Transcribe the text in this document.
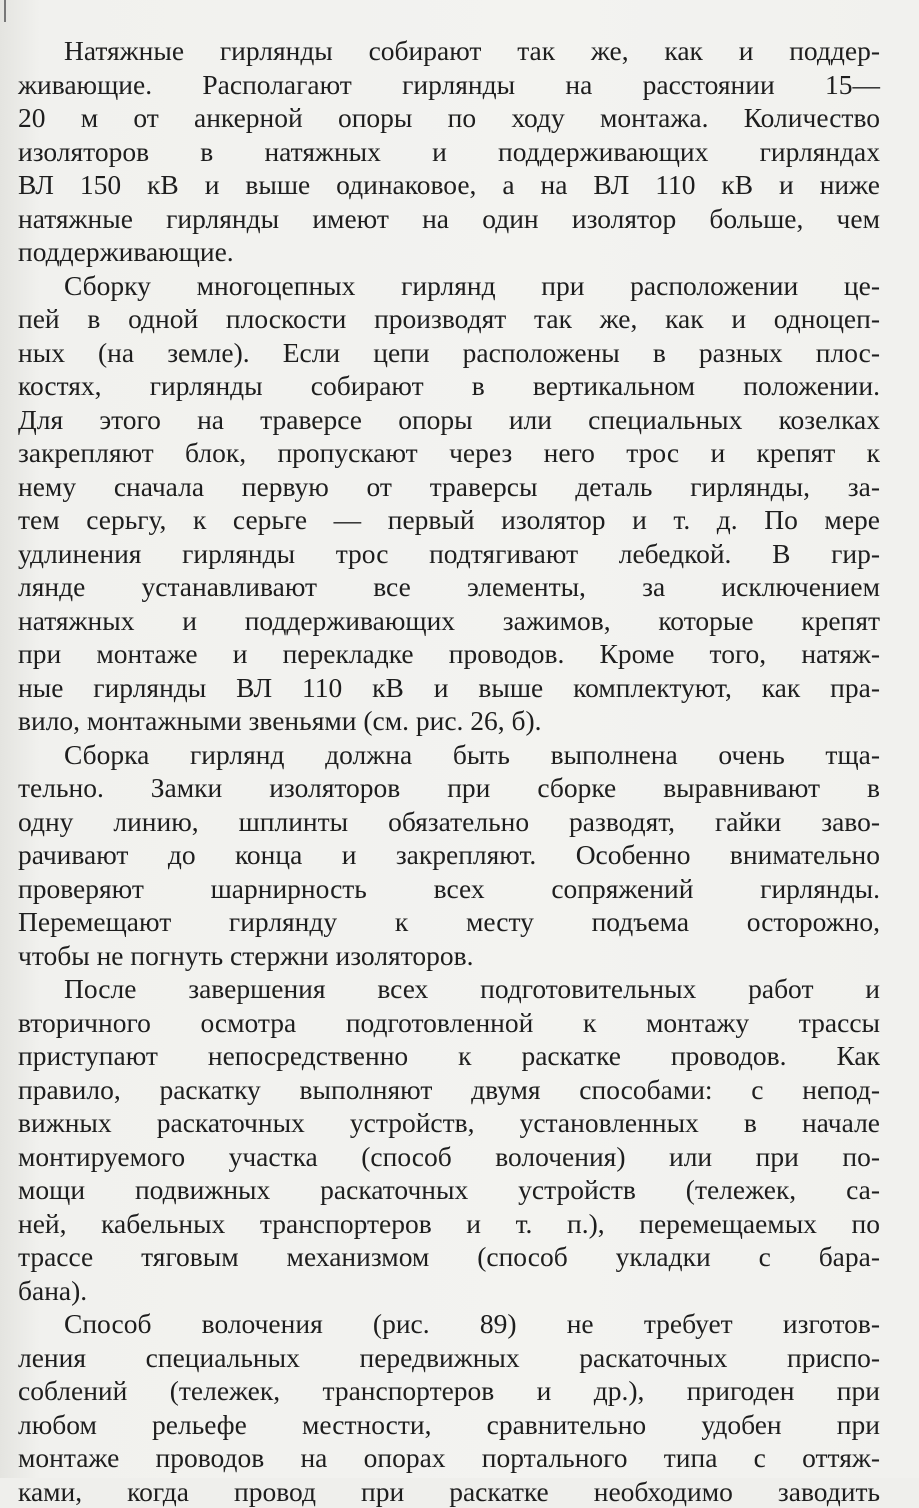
Натяжные гирлянды собирают так же, как и поддер-
живающие. Располагают гирлянды на расстоянии 15—
20 м от анкерной опоры по ходу монтажа. Количество
изоляторов в натяжных и поддерживающих гирляндах
ВЛ 150 кВ и выше одинаковое, а на ВЛ 110 кВ и ниже
натяжные гирлянды имеют на один изолятор больше, чем
поддерживающие.
Сборку многоцепных гирлянд при расположении це-
пей в одной плоскости производят так же, как и одноцеп-
ных (на земле). Если цепи расположены в разных плос-
костях, гирлянды собирают в вертикальном положении.
Для этого на траверсе опоры или специальных козелках
закрепляют блок, пропускают через него трос и крепят к
нему сначала первую от траверсы деталь гирлянды, за-
тем серьгу, к серьге — первый изолятор и т. д. По мере
удлинения гирлянды трос подтягивают лебедкой. В гир-
лянде устанавливают все элементы, за исключением
натяжных и поддерживающих зажимов, которые крепят
при монтаже и перекладке проводов. Кроме того, натяж-
ные гирлянды ВЛ 110 кВ и выше комплектуют, как пра-
вило, монтажными звеньями (см. рис. 26, б).
Сборка гирлянд должна быть выполнена очень тща-
тельно. Замки изоляторов при сборке выравнивают в
одну линию, шплинты обязательно разводят, гайки заво-
рачивают до конца и закрепляют. Особенно внимательно
проверяют шарнирность всех сопряжений гирлянды.
Перемещают гирлянду к месту подъема осторожно,
чтобы не погнуть стержни изоляторов.
После завершения всех подготовительных работ и
вторичного осмотра подготовленной к монтажу трассы
приступают непосредственно к раскатке проводов. Как
правило, раскатку выполняют двумя способами: с непод-
вижных раскаточных устройств, установленных в начале
монтируемого участка (способ волочения) или при по-
мощи подвижных раскаточных устройств (тележек, са-
ней, кабельных транспортеров и т. п.), перемещаемых по
трассе тяговым механизмом (способ укладки с бара-
бана).
Способ волочения (рис. 89) не требует изготов-
ления специальных передвижных раскаточных приспо-
соблений (тележек, транспортеров и др.), пригоден при
любом рельефе местности, сравнительно удобен при
монтаже проводов на опорах портального типа с оттяж-
ками, когда провод при раскатке необходимо заводить
